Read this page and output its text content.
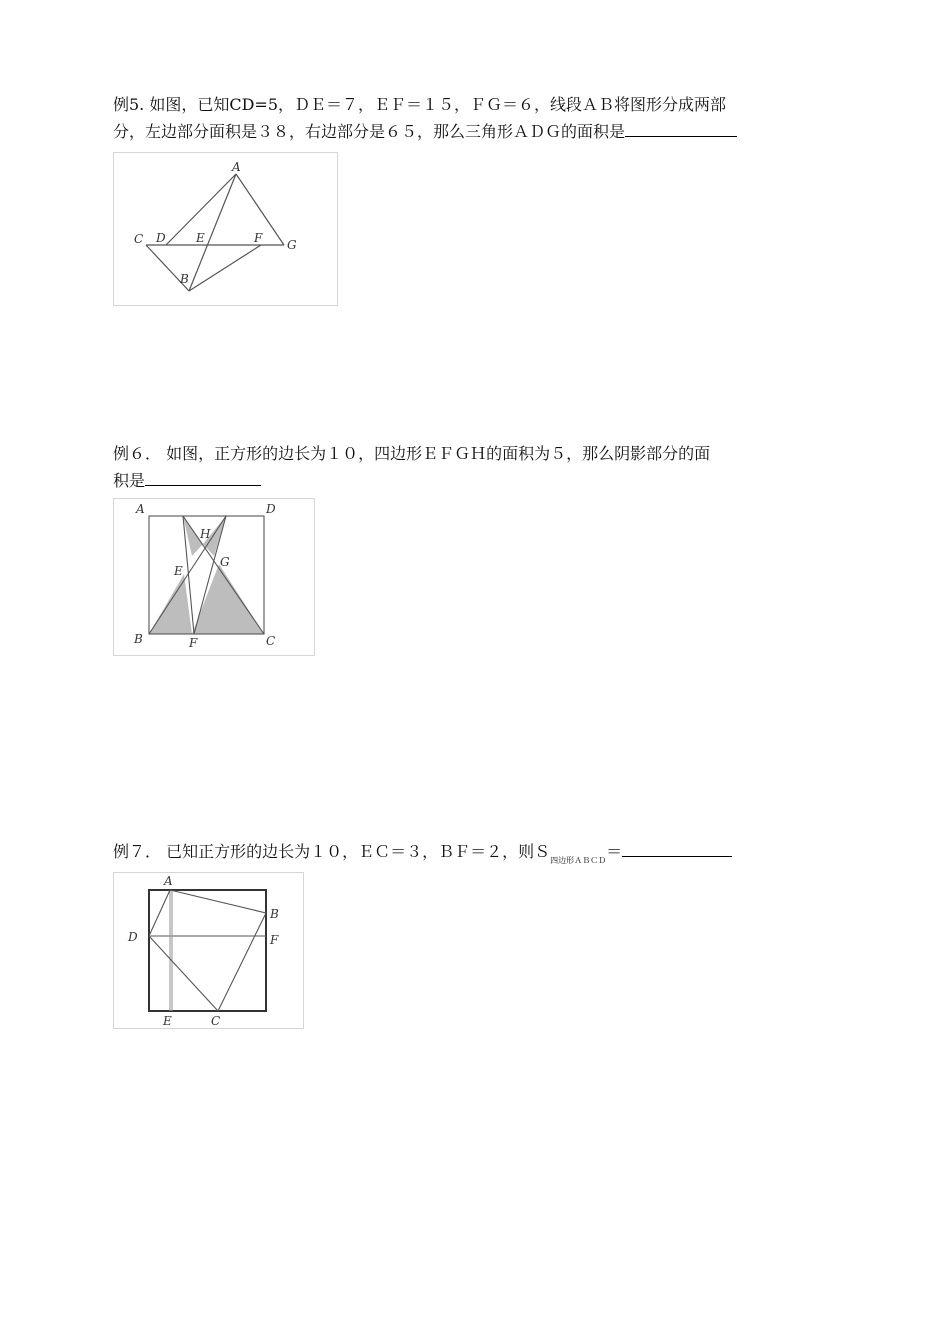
例5. 如图，已知CD=5，ＤＥ＝７，ＥＦ＝１５，ＦＧ＝６，线段ＡＢ将图形分成两部
分，左边部分面积是３８，右边部分是６５，那么三角形ＡＤＧ的面积是
A
C D	E	F G
B
例６． 如图，正方形的边长为１０，四边形ＥＦＧＨ的面积为５，那么阴影部分的面
积是
A	D
H
G
E
B	F	C
例７． 已知正方形的边长为１０，ＥＣ＝３，ＢＦ＝２，则Ｓ$_{四边形ABCD}$＝
A
B
D	F
E	C
